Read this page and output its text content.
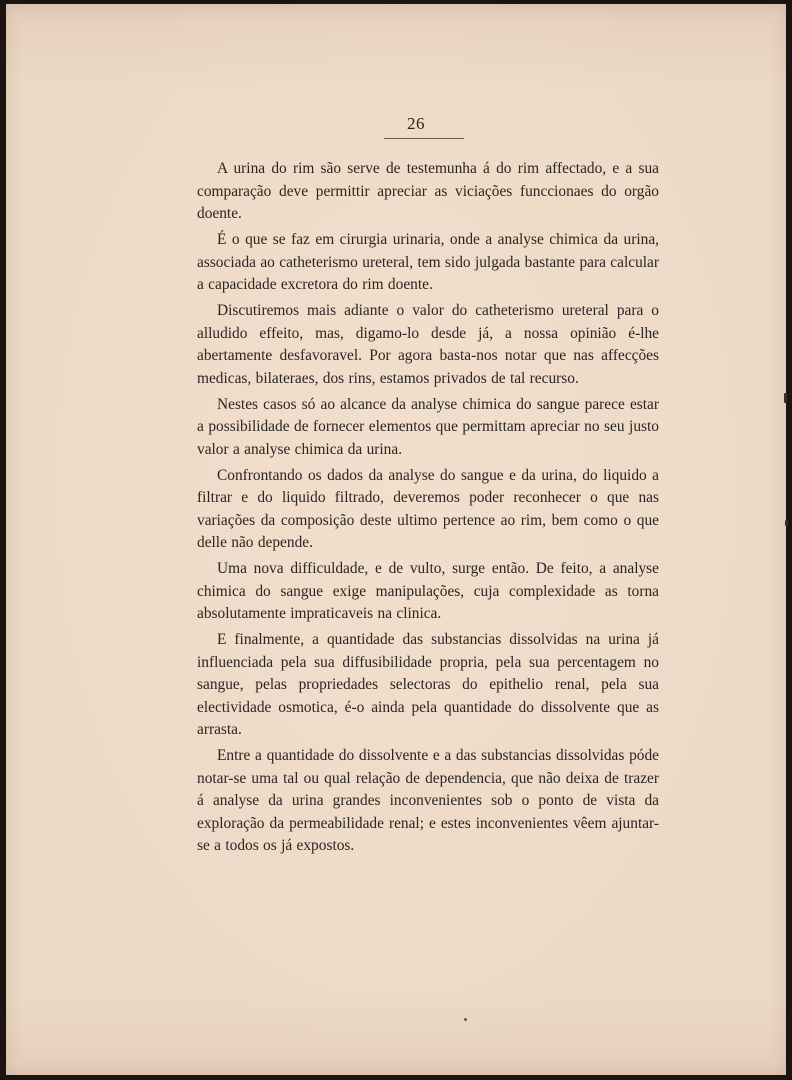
26

A urina do rim são serve de testemunha á do rim affectado, e a sua comparação deve permittir apreciar as viciações funccionaes do orgão doente.

É o que se faz em cirurgia urinaria, onde a analyse chimica da urina, associada ao catheterismo ureteral, tem sido julgada bastante para calcular a capacidade excretora do rim doente.

Discutiremos mais adiante o valor do catheterismo ureteral para o alludido effeito, mas, digamo-lo desde já, a nossa opinião é-lhe abertamente desfavoravel. Por agora basta-nos notar que nas affecções medicas, bilateraes, dos rins, estamos privados de tal recurso.

Nestes casos só ao alcance da analyse chimica do sangue parece estar a possibilidade de fornecer elementos que permittam apreciar no seu justo valor a analyse chimica da urina.

Confrontando os dados da analyse do sangue e da urina, do liquido a filtrar e do liquido filtrado, deveremos poder reconhecer o que nas variações da composição deste ultimo pertence ao rim, bem como o que delle não depende.

Uma nova difficuldade, e de vulto, surge então. De feito, a analyse chimica do sangue exige manipulações, cuja complexidade as torna absolutamente impraticaveis na clinica.

E finalmente, a quantidade das substancias dissolvidas na urina já influenciada pela sua diffusibilidade propria, pela sua percentagem no sangue, pelas propriedades selectoras do epithelio renal, pela sua electividade osmotica, é-o ainda pela quantidade do dissolvente que as arrasta.

Entre a quantidade do dissolvente e a das substancias dissolvidas póde notar-se uma tal ou qual relação de dependencia, que não deixa de trazer á analyse da urina grandes inconvenientes sob o ponto de vista da exploração da permeabilidade renal; e estes inconvenientes vêem ajuntar-se a todos os já expostos.
